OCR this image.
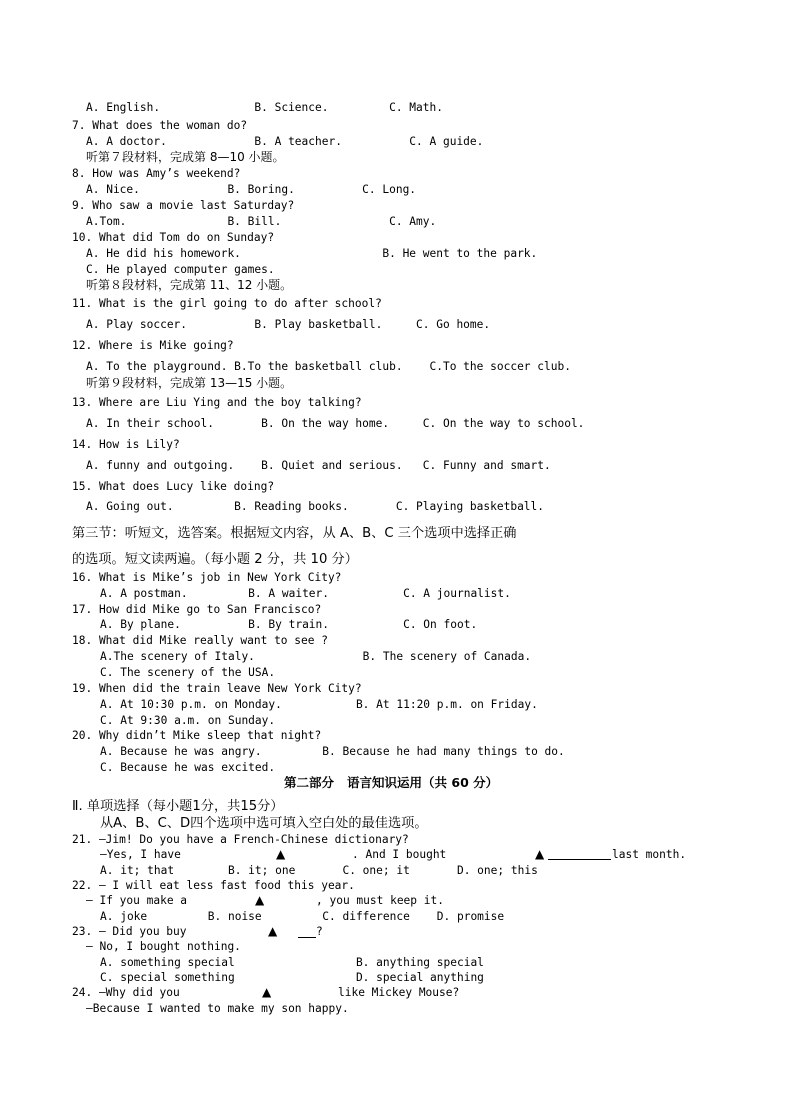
A. English.              B. Science.         C. Math.
7. What does the woman do?
A. A doctor.             B. A teacher.          C. A guide.
听第７段材料，完成第 8—10 小题。
8. How was Amy’s weekend?
A. Nice.             B. Boring.          C. Long.
9. Who saw a movie last Saturday?
A.Tom.               B. Bill.                C. Amy.
10. What did Tom do on Sunday?
A. He did his homework.                     B. He went to the park.
C. He played computer games.
听第８段材料，完成第 11、12 小题。
11. What is the girl going to do after school?
A. Play soccer.          B. Play basketball.     C. Go home.
12. Where is Mike going?
A. To the playground. B.To the basketball club.    C.To the soccer club.
听第９段材料，完成第 13—15 小题。
13. Where are Liu Ying and the boy talking?
A. In their school.       B. On the way home.     C. On the way to school.
14. How is Lily?
A. funny and outgoing.    B. Quiet and serious.   C. Funny and smart.
15. What does Lucy like doing?
A. Going out.         B. Reading books.       C. Playing basketball.
第三节：听短文，选答案。根据短文内容，从 A、B、C 三个选项中选择正确
的选项。短文读两遍。（每小题 2 分，共 10 分）
16. What is Mike’s job in New York City?
A. A postman.         B. A waiter.           C. A journalist.
17. How did Mike go to San Francisco?
A. By plane.          B. By train.           C. On foot.
18. What did Mike really want to see ?
A.The scenery of Italy.                B. The scenery of Canada.
C. The scenery of the USA.
19. When did the train leave New York City?
A. At 10:30 p.m. on Monday.           B. At 11:20 p.m. on Friday.
C. At 9:30 a.m. on Sunday.
20. Why didn’t Mike sleep that night?
A. Because he was angry.         B. Because he had many things to do.
C. Because he was excited.
第二部分   语言知识运用（共 60 分）
Ⅱ. 单项选择（每小题1分，共15分）
从A、B、C、D四个选项中选可填入空白处的最佳选项。
21. —Jim! Do you have a French-Chinese dictionary?
—Yes, I have	▲	. And I bought	▲	last month.
A. it; that        B. it; one       C. one; it       D. one; this
22. — I will eat less fast food this year.
— If you make a	▲	, you must keep it.
A. joke         B. noise         C. difference    D. promise
23. — Did you buy	▲	?
— No, I bought nothing.
A. something special                  B. anything special
C. special something                  D. special anything
24. —Why did you	▲	like Mickey Mouse?
—Because I wanted to make my son happy.
